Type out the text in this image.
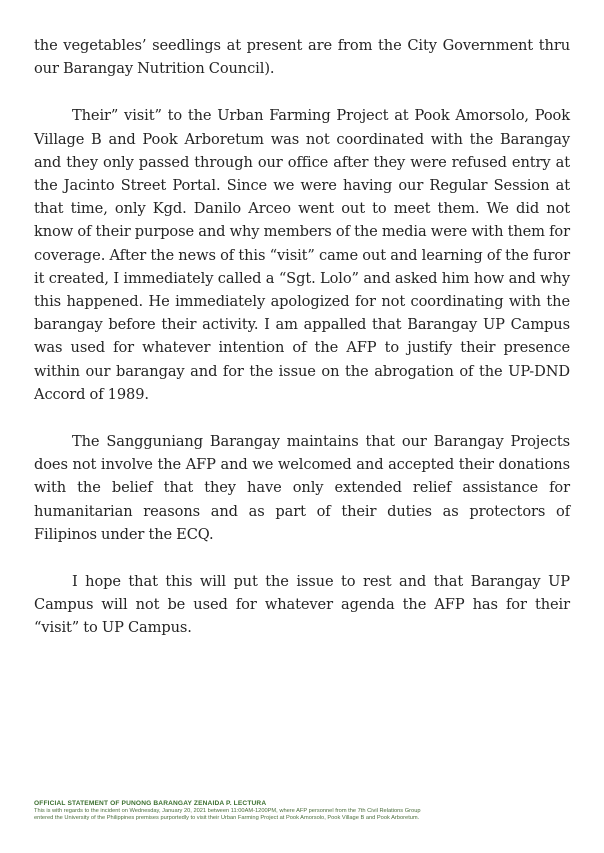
the vegetables’ seedlings at present are from the City Government thru our Barangay Nutrition Council).

Their” visit” to the Urban Farming Project at Pook Amorsolo, Pook Village B and Pook Arboretum was not coordinated with the Barangay and they only passed through our office after they were refused entry at the Jacinto Street Portal. Since we were having our Regular Session at that time, only Kgd. Danilo Arceo went out to meet them. We did not know of their purpose and why members of the media were with them for coverage. After the news of this “visit” came out and learning of the furor it created, I immediately called a “Sgt. Lolo” and asked him how and why this happened. He immediately apologized for not coordinating with the barangay before their activity. I am appalled that Barangay UP Campus was used for whatever intention of the AFP to justify their presence within our barangay and for the issue on the abrogation of the UP-DND Accord of 1989.

The Sangguniang Barangay maintains that our Barangay Projects does not involve the AFP and we welcomed and accepted their donations with the belief that they have only extended relief assistance for humanitarian reasons and as part of their duties as protectors of Filipinos under the ECQ.

I hope that this will put the issue to rest and that Barangay UP Campus will not be used for whatever agenda the AFP has for their “visit” to UP Campus.

OFFICIAL STATEMENT OF PUNONG BARANGAY ZENAIDA P. LECTURA

This is with regards to the incident on Wednesday, January 20, 2021 between 11:00AM-1200PM, where AFP personnel from the 7th Civil Relations Group

entered the University of the Philippines premises purportedly to visit their Urban Farming Project at Pook Amorsolo, Pook Village B and Pook Arboretum.
